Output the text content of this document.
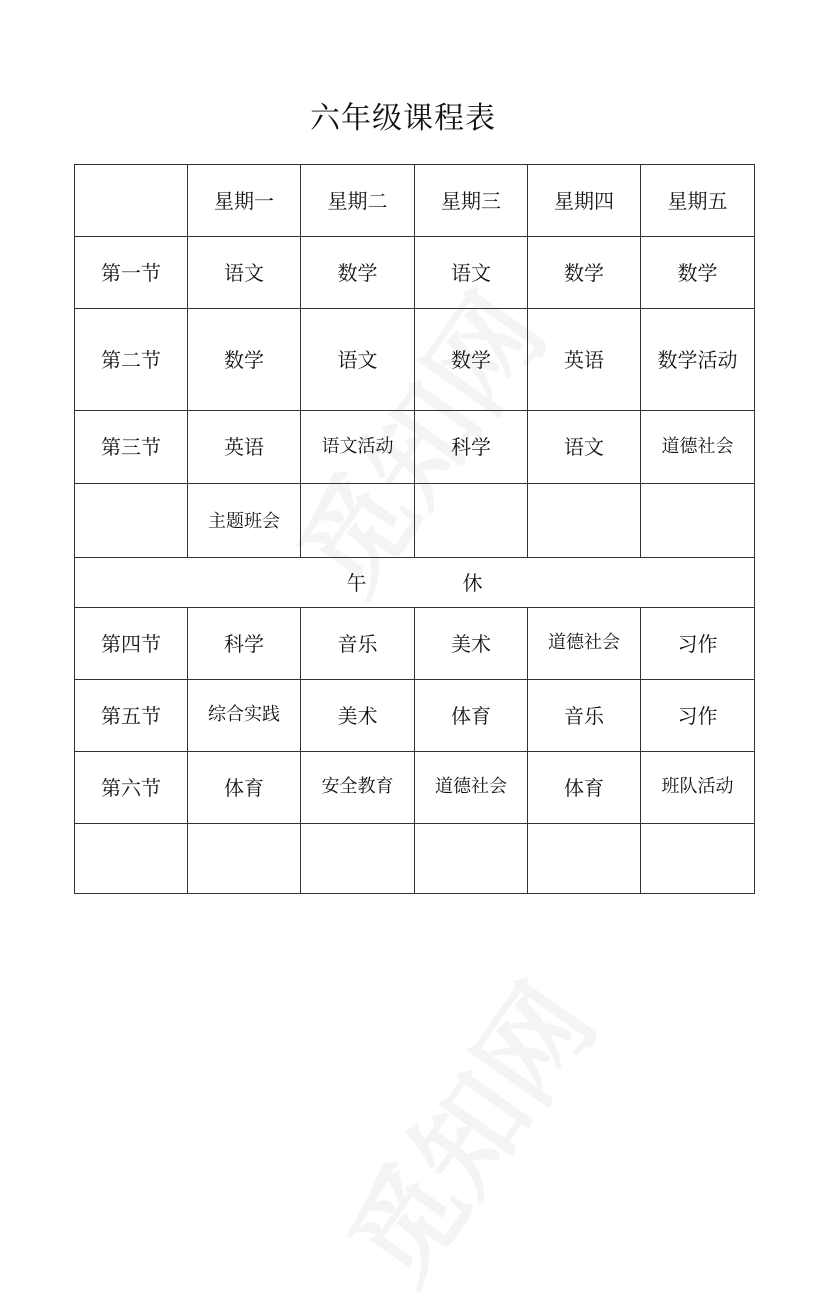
六年级课程表
	星期一	星期二	星期三	星期四	星期五
第一节	语文	数学	语文	数学	数学
第二节	数学	语文	数学	英语	数学活动
第三节	英语	语文活动	科学	语文	道德社会
	主题班会				
午 休					
第四节	科学	音乐	美术	道德社会	习作
第五节	综合实践	美术	体育	音乐	习作
第六节	体育	安全教育	道德社会	体育	班队活动
